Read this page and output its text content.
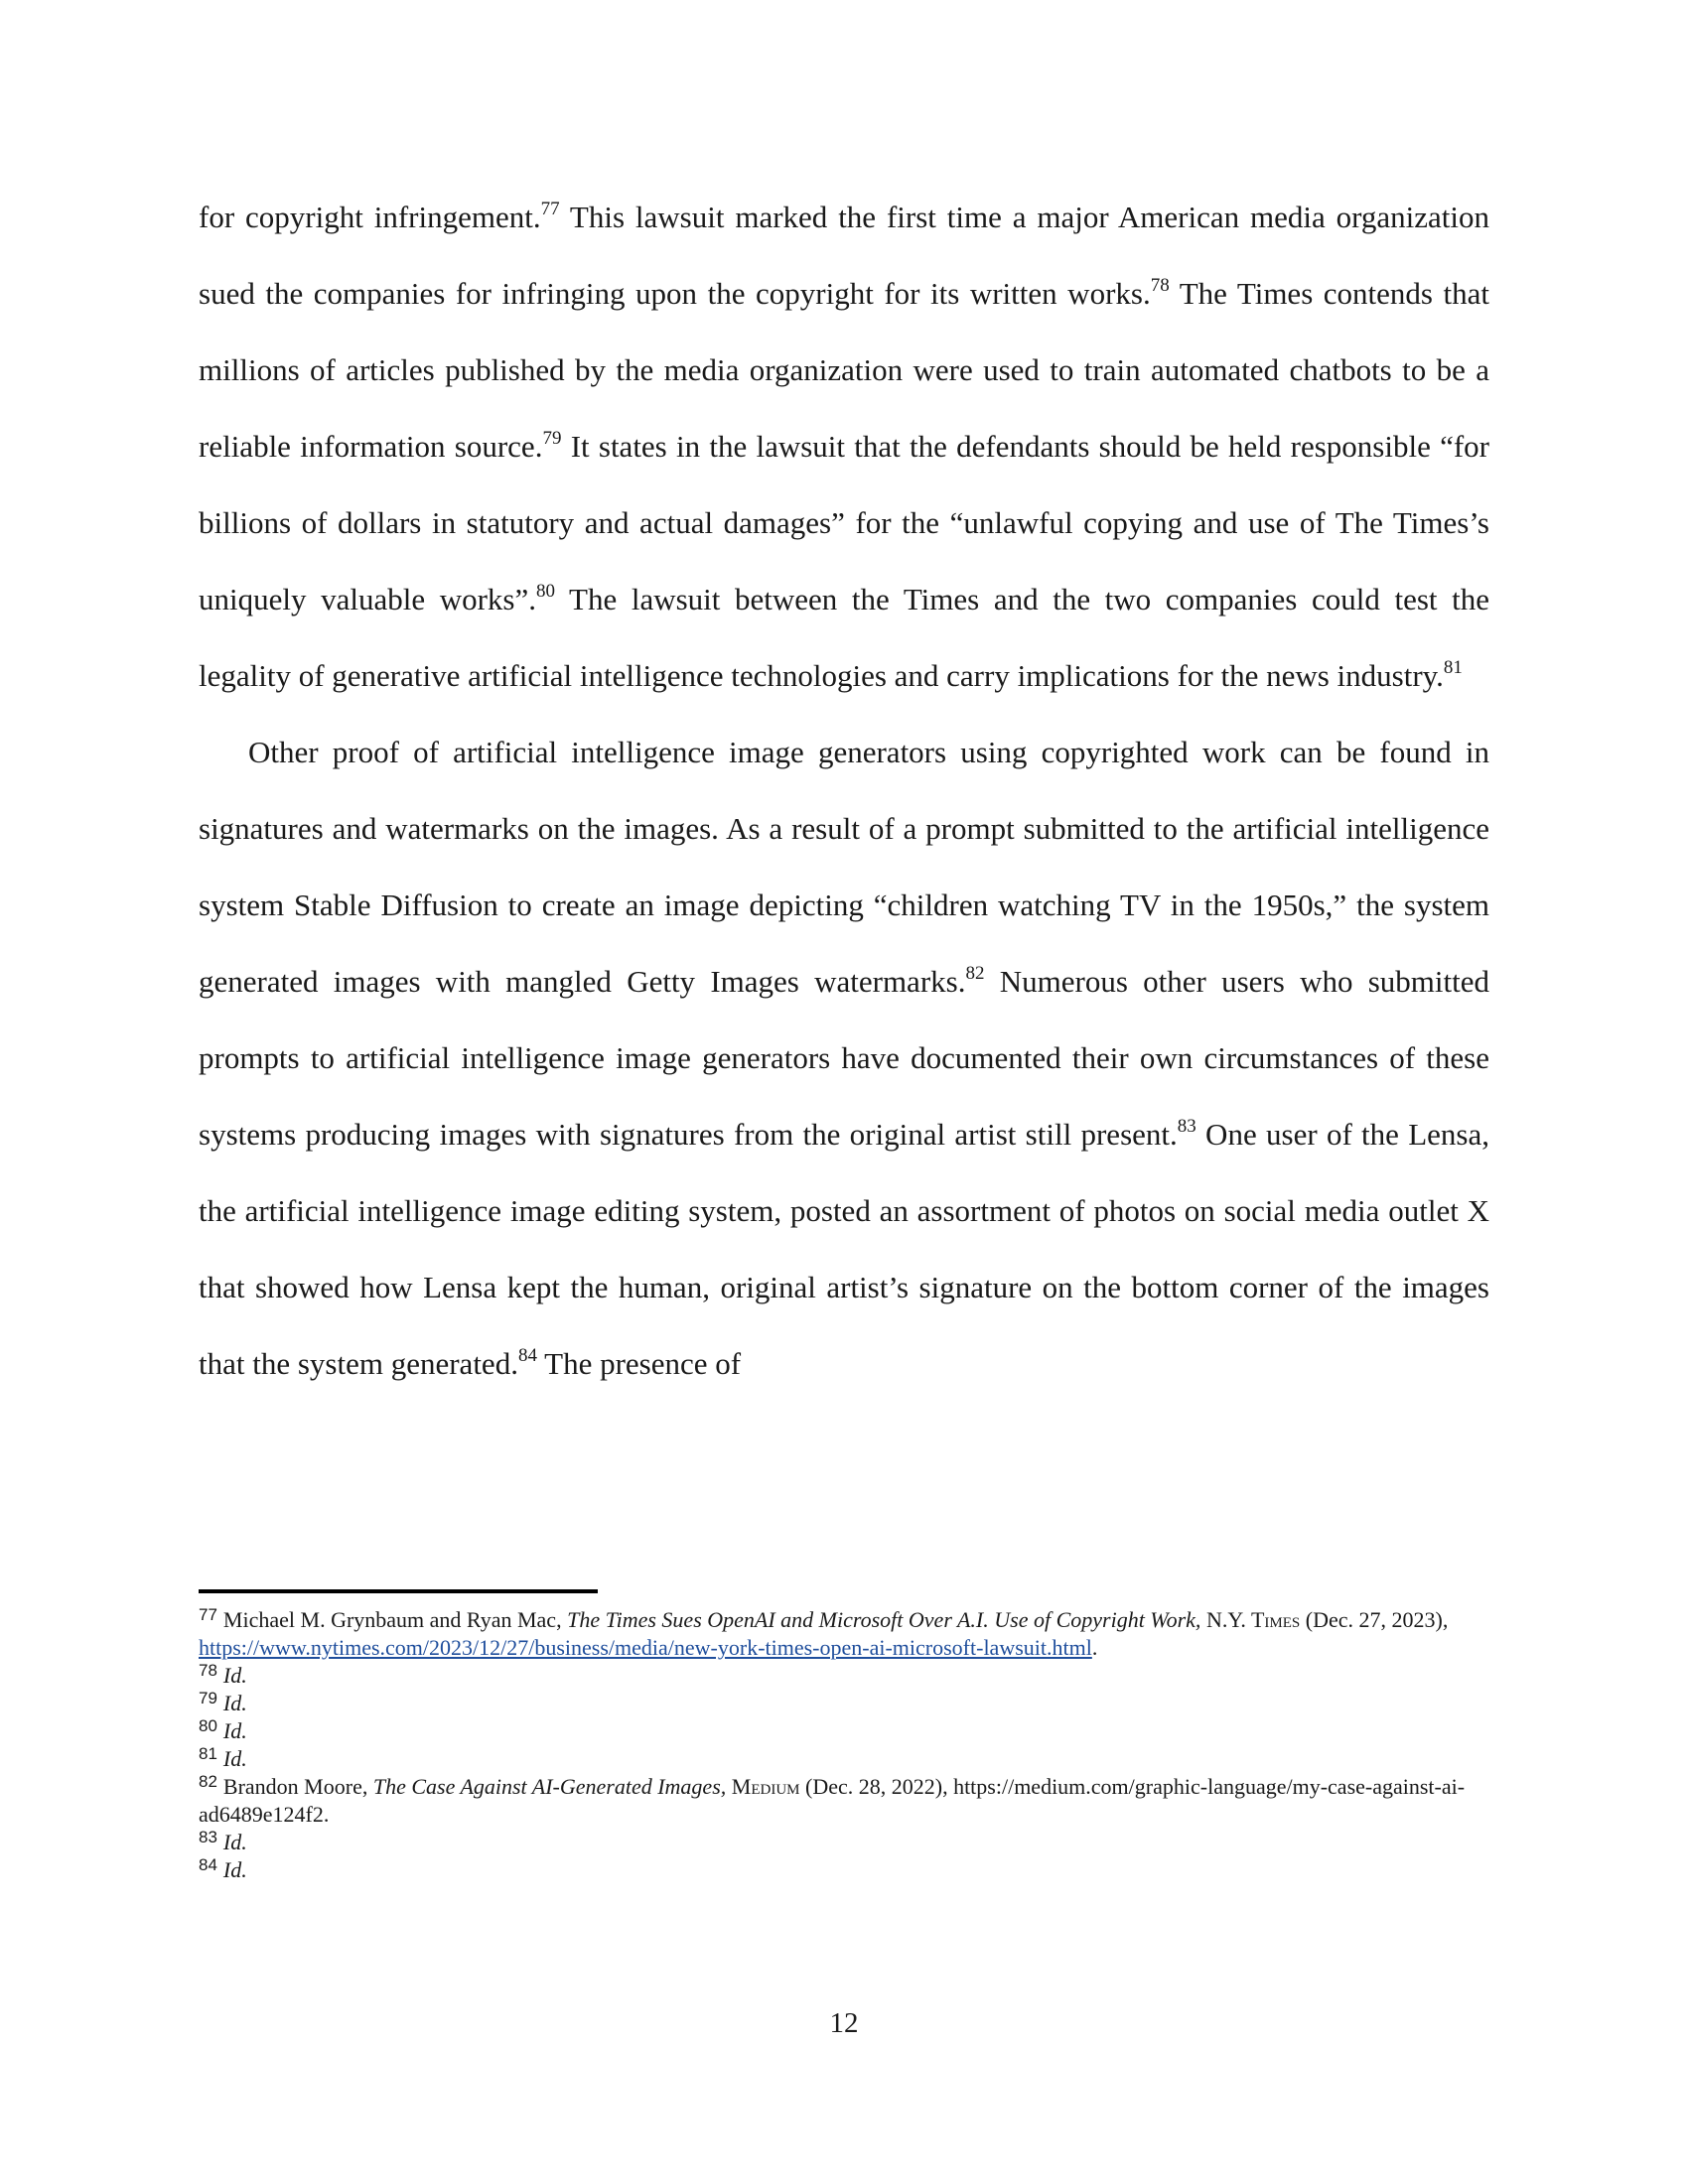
for copyright infringement.$^{77}$ This lawsuit marked the first time a major American media organization sued the companies for infringing upon the copyright for its written works.$^{78}$ The Times contends that millions of articles published by the media organization were used to train automated chatbots to be a reliable information source.$^{79}$ It states in the lawsuit that the defendants should be held responsible “for billions of dollars in statutory and actual damages” for the “unlawful copying and use of The Times’s uniquely valuable works”.$^{80}$ The lawsuit between the Times and the two companies could test the legality of generative artificial intelligence technologies and carry implications for the news industry.$^{81}$

Other proof of artificial intelligence image generators using copyrighted work can be found in signatures and watermarks on the images. As a result of a prompt submitted to the artificial intelligence system Stable Diffusion to create an image depicting “children watching TV in the 1950s,” the system generated images with mangled Getty Images watermarks.$^{82}$ Numerous other users who submitted prompts to artificial intelligence image generators have documented their own circumstances of these systems producing images with signatures from the original artist still present.$^{83}$ One user of the Lensa, the artificial intelligence image editing system, posted an assortment of photos on social media outlet X that showed how Lensa kept the human, original artist’s signature on the bottom corner of the images that the system generated.$^{84}$ The presence of

$^{77}$ Michael M. Grynbaum and Ryan Mac, The Times Sues OpenAI and Microsoft Over A.I. Use of Copyright Work, N.Y. Times (Dec. 27, 2023), https://www.nytimes.com/2023/12/27/business/media/new-york-times-open-ai-microsoft-lawsuit.html.

$^{78}$ Id.

$^{79}$ Id.

$^{80}$ Id.

$^{81}$ Id.

$^{82}$ Brandon Moore, The Case Against AI-Generated Images, Medium (Dec. 28, 2022), https://medium.com/graphic-language/my-case-against-ai-ad6489e124f2.

$^{83}$ Id.

$^{84}$ Id.

12
